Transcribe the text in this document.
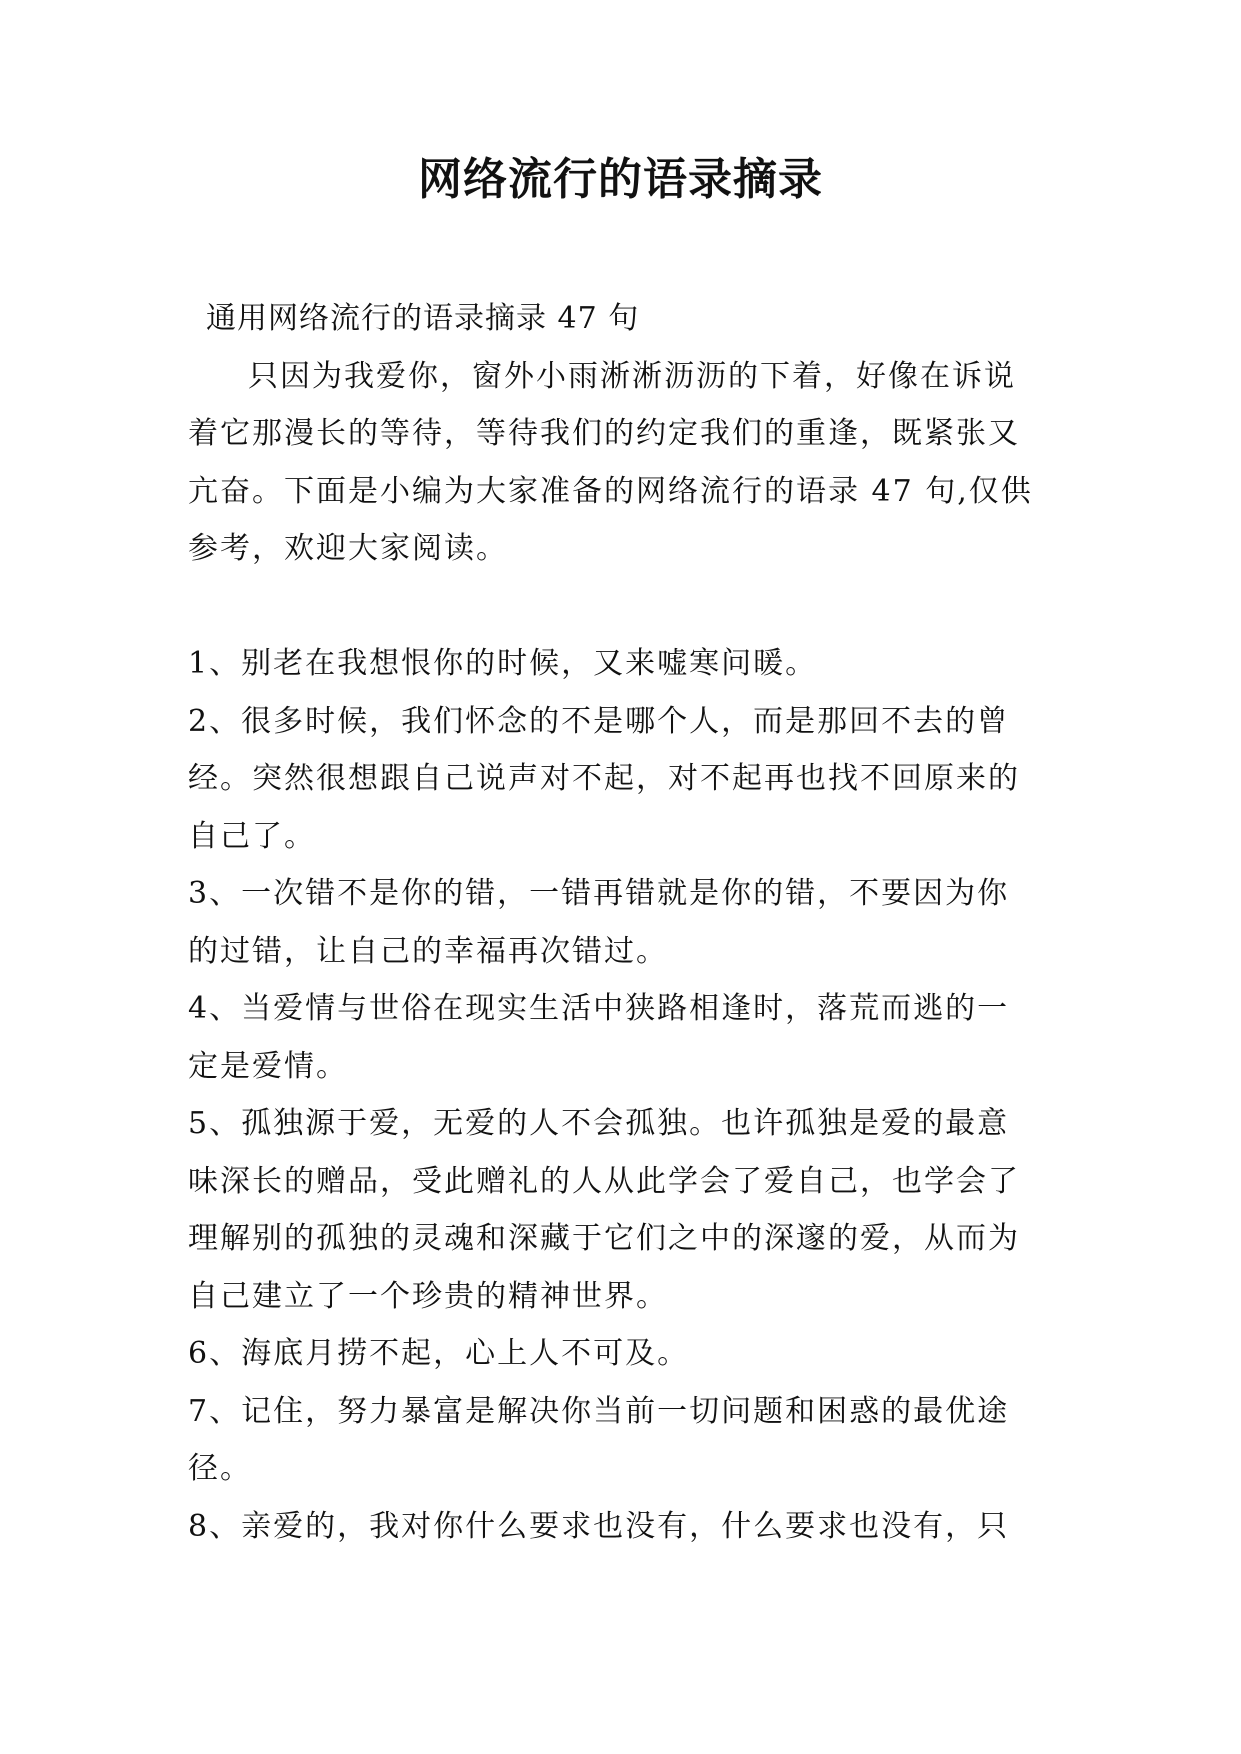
网络流行的语录摘录
通用网络流行的语录摘录 47 句
只因为我爱你，窗外小雨淅淅沥沥的下着，好像在诉说
着它那漫长的等待，等待我们的约定我们的重逢，既紧张又
亢奋。下面是小编为大家准备的网络流行的语录 47 句,仅供
参考，欢迎大家阅读。
1、别老在我想恨你的时候，又来嘘寒问暖。
2、很多时候，我们怀念的不是哪个人，而是那回不去的曾
经。突然很想跟自己说声对不起，对不起再也找不回原来的
自己了。
3、一次错不是你的错，一错再错就是你的错，不要因为你
的过错，让自己的幸福再次错过。
4、当爱情与世俗在现实生活中狭路相逢时，落荒而逃的一
定是爱情。
5、孤独源于爱，无爱的人不会孤独。也许孤独是爱的最意
味深长的赠品，受此赠礼的人从此学会了爱自己，也学会了
理解别的孤独的灵魂和深藏于它们之中的深邃的爱，从而为
自己建立了一个珍贵的精神世界。
6、海底月捞不起，心上人不可及。
7、记住，努力暴富是解决你当前一切问题和困惑的最优途
径。
8、亲爱的，我对你什么要求也没有，什么要求也没有，只
